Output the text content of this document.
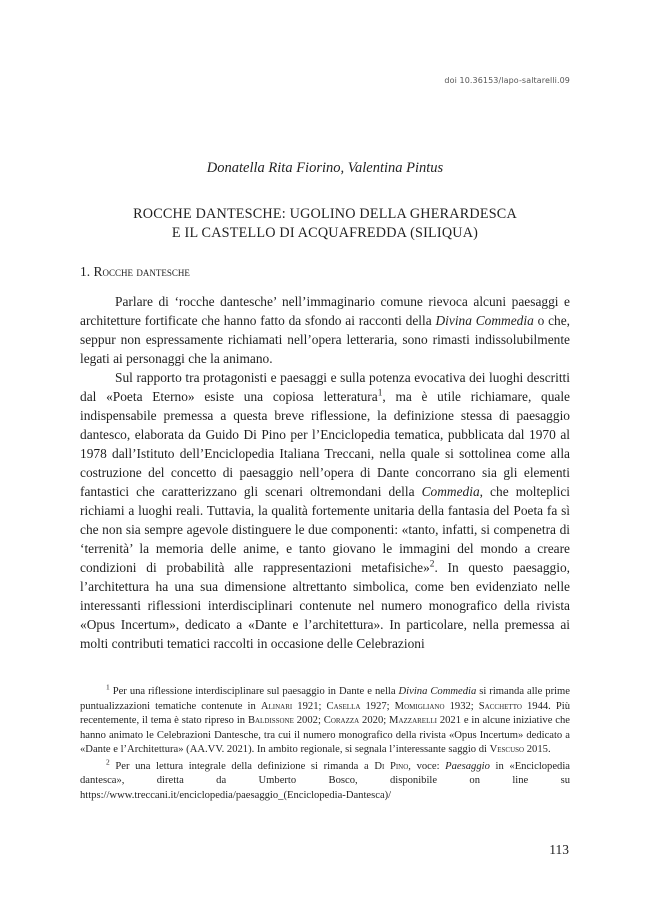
doi 10.36153/lapo-saltarelli.09
Donatella Rita Fiorino, Valentina Pintus
ROCCHE DANTESCHE: UGOLINO DELLA GHERARDESCA
E IL CASTELLO DI ACQUAFREDDA (SILIQUA)
1. Rocche dantesche

Parlare di ‘rocche dantesche’ nell’immaginario comune rievoca alcuni paesaggi e architetture fortificate che hanno fatto da sfondo ai racconti della Divina Commedia o che, seppur non espressamente richiamati nell’opera letteraria, sono rimasti indissolubilmente legati ai personaggi che la animano.

Sul rapporto tra protagonisti e paesaggi e sulla potenza evocativa dei luoghi descritti dal «Poeta Eterno» esiste una copiosa letteratura$^1$, ma è utile richiamare, quale indispensabile premessa a questa breve riflessione, la definizione stessa di paesaggio dantesco, elaborata da Guido Di Pino per l’Enciclopedia tematica, pubblicata dal 1970 al 1978 dall’Istituto dell’Enciclopedia Italiana Treccani, nella quale si sottolinea come alla costruzione del concetto di paesaggio nell’opera di Dante concorrano sia gli elementi fantastici che caratterizzano gli scenari oltremondani della Commedia, che molteplici richiami a luoghi reali. Tuttavia, la qualità fortemente unitaria della fantasia del Poeta fa sì che non sia sempre agevole distinguere le due componenti: «tanto, infatti, si compenetra di ‘terrenità’ la memoria delle anime, e tanto giovano le immagini del mondo a creare condizioni di probabilità alle rappresentazioni metafisiche»$^2$. In questo paesaggio, l’architettura ha una sua dimensione altrettanto simbolica, come ben evidenziato nelle interessanti riflessioni interdisciplinari contenute nel numero monografico della rivista «Opus Incertum», dedicato a «Dante e l’architettura». In particolare, nella premessa ai molti contributi tematici raccolti in occasione delle Celebrazioni

$^1$ Per una riflessione interdisciplinare sul paesaggio in Dante e nella Divina Commedia si rimanda alle prime puntualizzazioni tematiche contenute in Alinari 1921; Casella 1927; Momigliano 1932; Sacchetto 1944. Più recentemente, il tema è stato ripreso in Baldissone 2002; Corazza 2020; Mazzarelli 2021 e in alcune iniziative che hanno animato le Celebrazioni Dantesche, tra cui il numero monografico della rivista «Opus Incertum» dedicato a «Dante e l’Architettura» (AA.VV. 2021). In ambito regionale, si segnala l’interessante saggio di Vescuso 2015.

$^2$ Per una lettura integrale della definizione si rimanda a Di Pino, voce: Paesaggio in «Enciclopedia dantesca», diretta da Umberto Bosco, disponibile on line su https://www.treccani.it/enciclopedia/paesaggio_(Enciclopedia-Dantesca)/

113
